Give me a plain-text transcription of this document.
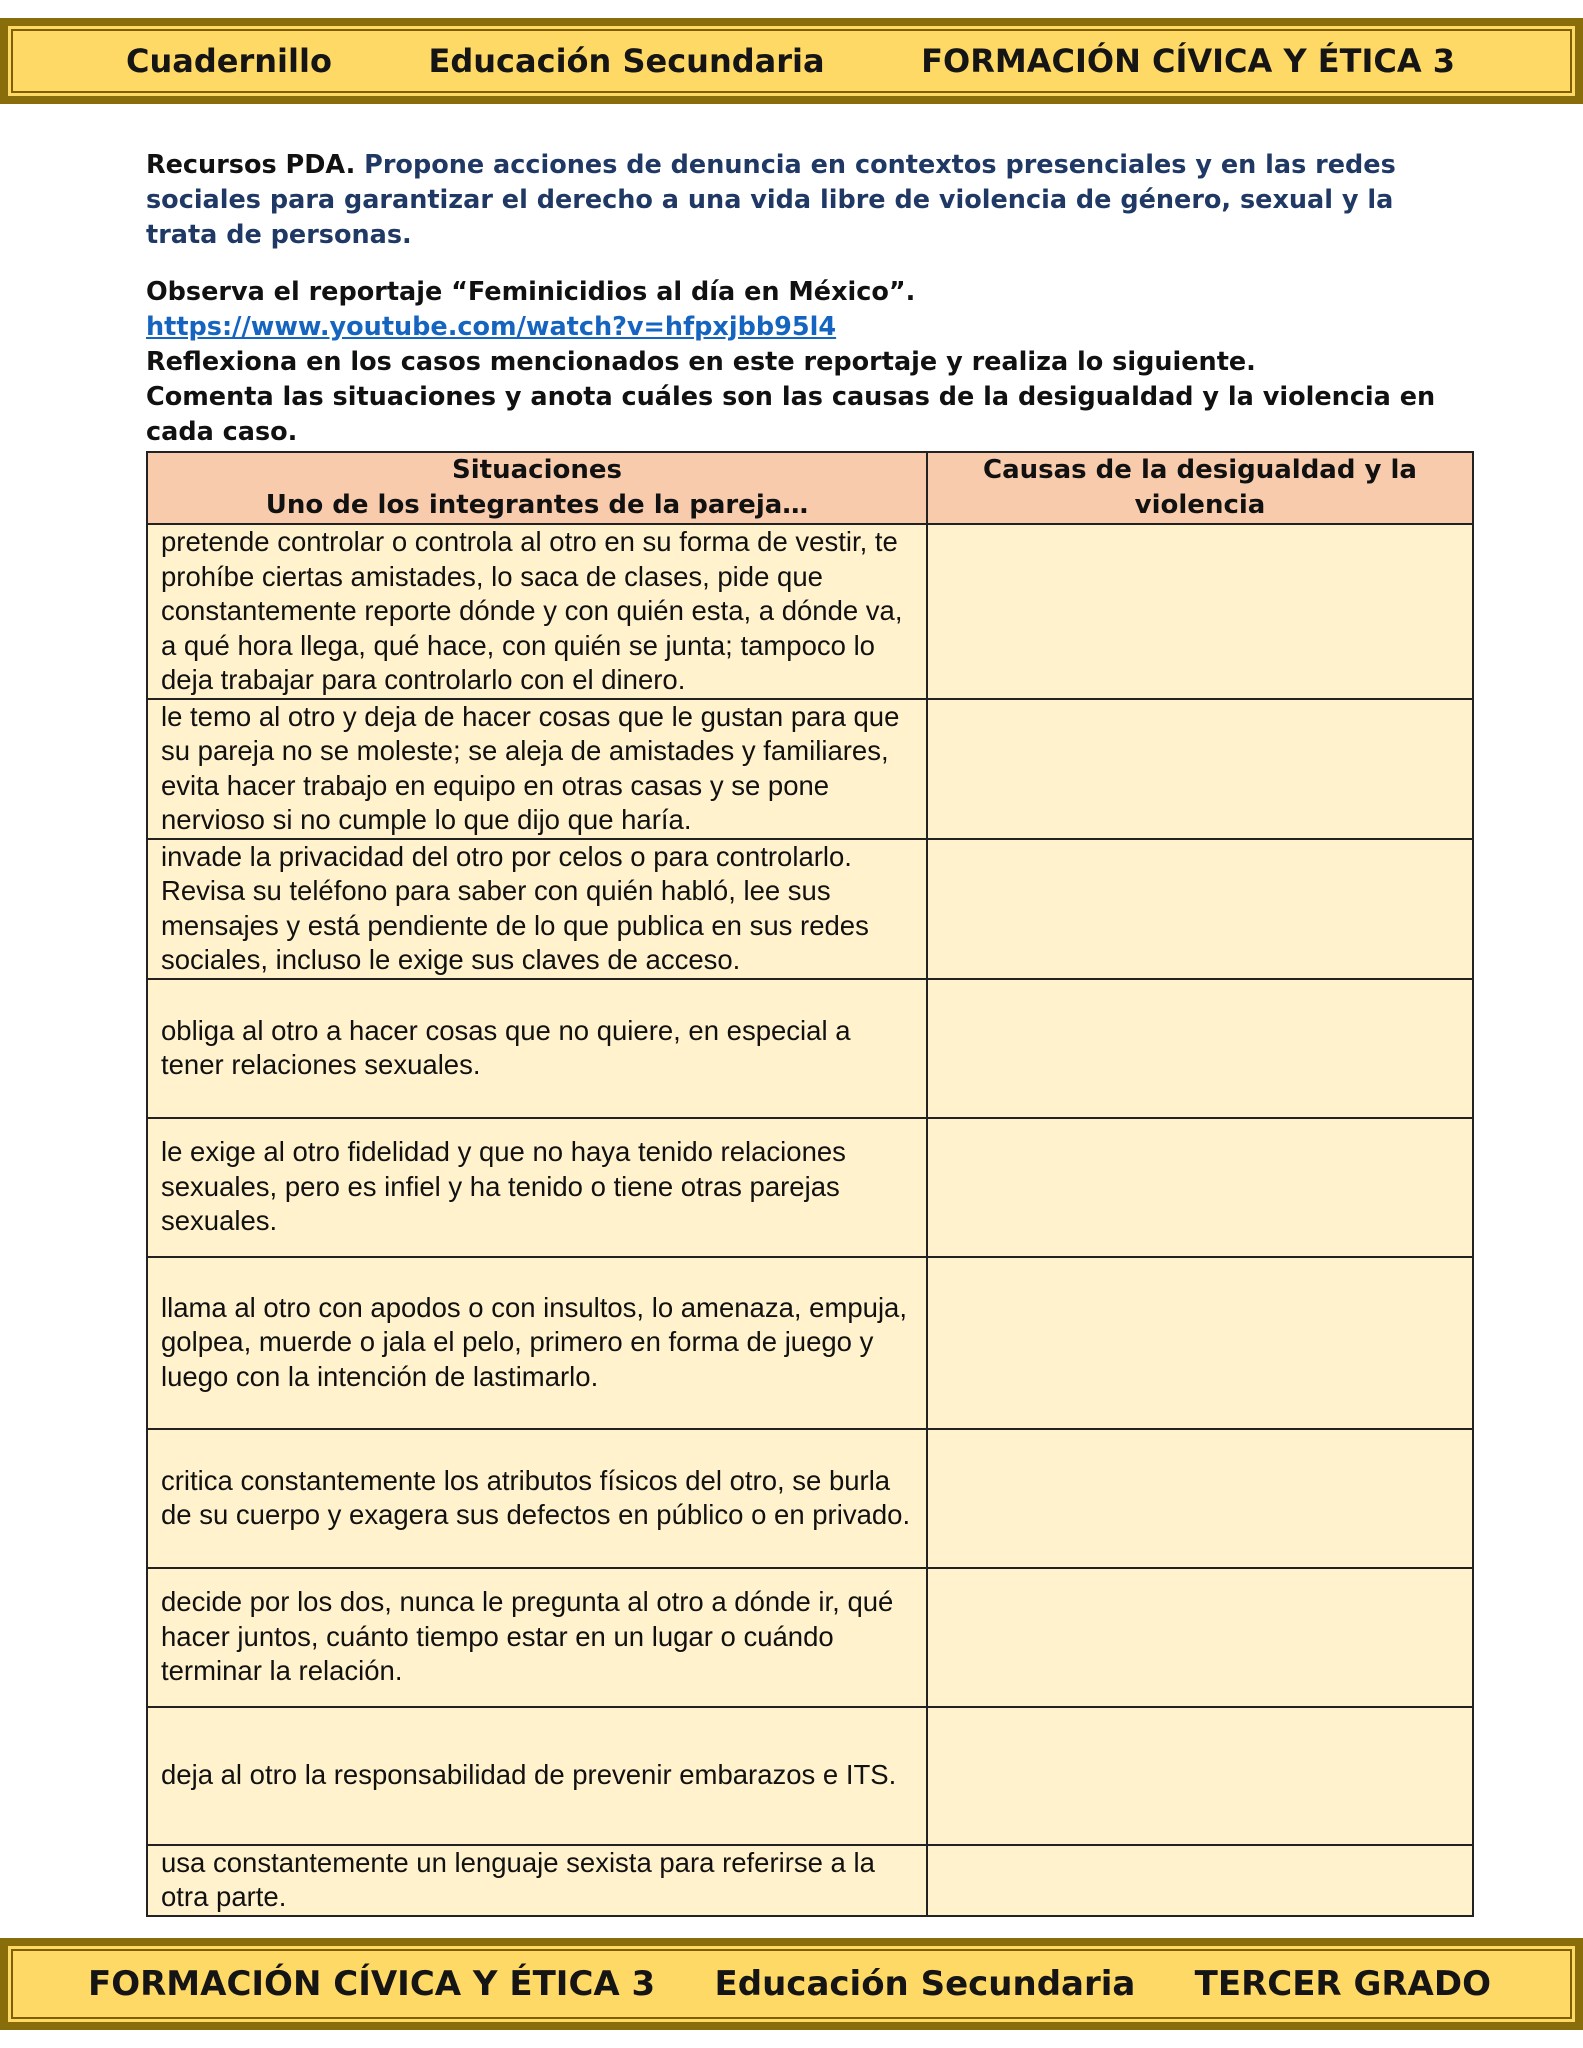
Cuadernillo	Educación Secundaria	FORMACIÓN CÍVICA Y ÉTICA 3

Recursos PDA. Propone acciones de denuncia en contextos presenciales y en las redes sociales para garantizar el derecho a una vida libre de violencia de género, sexual y la trata de personas.

Observa el reportaje “Feminicidios al día en México”.
https://www.youtube.com/watch?v=hfpxjbb95l4
Reflexiona en los casos mencionados en este reportaje y realiza lo siguiente.
Comenta las situaciones y anota cuáles son las causas de la desigualdad y la violencia en cada caso.
Situaciones
Uno de los integrantes de la pareja…	Causas de la desigualdad y la violencia
pretende controlar o controla al otro en su forma de vestir, te prohíbe ciertas amistades, lo saca de clases, pide que constantemente reporte dónde y con quién esta, a dónde va, a qué hora llega, qué hace, con quién se junta; tampoco lo deja trabajar para controlarlo con el dinero.	
le temo al otro y deja de hacer cosas que le gustan para que su pareja no se moleste; se aleja de amistades y familiares, evita hacer trabajo en equipo en otras casas y se pone nervioso si no cumple lo que dijo que haría.	
invade la privacidad del otro por celos o para controlarlo. Revisa su teléfono para saber con quién habló, lee sus mensajes y está pendiente de lo que publica en sus redes sociales, incluso le exige sus claves de acceso.	
obliga al otro a hacer cosas que no quiere, en especial a tener relaciones sexuales.	
le exige al otro fidelidad y que no haya tenido relaciones sexuales, pero es infiel y ha tenido o tiene otras parejas sexuales.	
llama al otro con apodos o con insultos, lo amenaza, empuja, golpea, muerde o jala el pelo, primero en forma de juego y luego con la intención de lastimarlo.	
critica constantemente los atributos físicos del otro, se burla de su cuerpo y exagera sus defectos en público o en privado.	
decide por los dos, nunca le pregunta al otro a dónde ir, qué hacer juntos, cuánto tiempo estar en un lugar o cuándo terminar la relación.	
deja al otro la responsabilidad de prevenir embarazos e ITS.	
usa constantemente un lenguaje sexista para referirse a la otra parte.	
FORMACIÓN CÍVICA Y ÉTICA 3 Educación Secundaria TERCER GRADO
